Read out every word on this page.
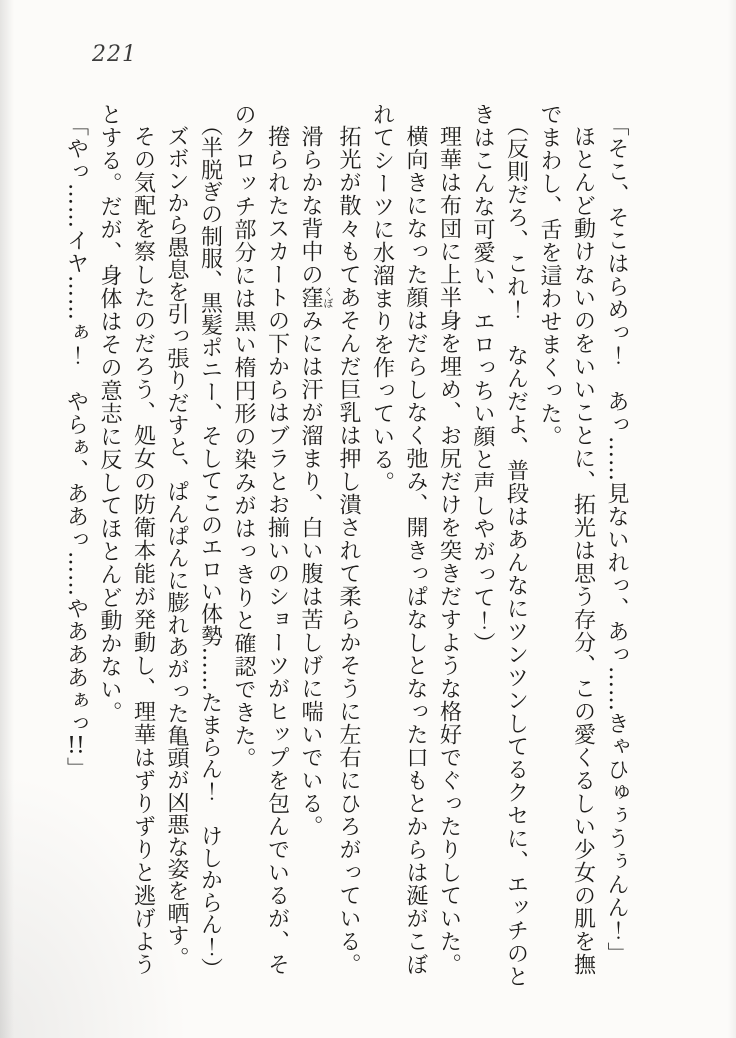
221

「そこ、そこはらめっ！　あっ……見ないれっ、あっ……きゃひゅぅうぅんん！」

ほとんど動けないのをいいことに、拓光は思う存分、この愛くるしい少女の肌を撫でまわし、舌を這わせまくった。

（反則だろ、これ！　なんだよ、普段はあんなにツンツンしてるクセに、エッチのときはこんな可愛い、エロっちい顔と声しやがって！）

理華は布団に上半身を埋め、お尻だけを突きだすような格好でぐったりしていた。

横向きになった顔はだらしなく弛み、開きっぱなしとなった口もとからは涎がこぼれてシーツに水溜まりを作っている。

拓光が散々もてあそんだ巨乳は押し潰されて柔らかそうに左右にひろがっている。

滑らかな背中の窪くぼみには汗が溜まり、白い腹は苦しげに喘いでいる。

捲られたスカートの下からはブラとお揃いのショーツがヒップを包んでいるが、そのクロッチ部分には黒い楕円形の染みがはっきりと確認できた。

（半脱ぎの制服、黒髪ポニー、そしてこのエロい体勢……たまらん！　けしからん！）

ズボンから愚息を引っ張りだすと、ぱんぱんに膨れあがった亀頭が凶悪な姿を晒す。

その気配を察したのだろう、処女の防衛本能が発動し、理華はずりずりと逃げようとする。だが、身体はその意志に反してほとんど動かない。

「やっ……イヤ……ぁ！　やらぁ、ああっ……やあああぁっ!!」
